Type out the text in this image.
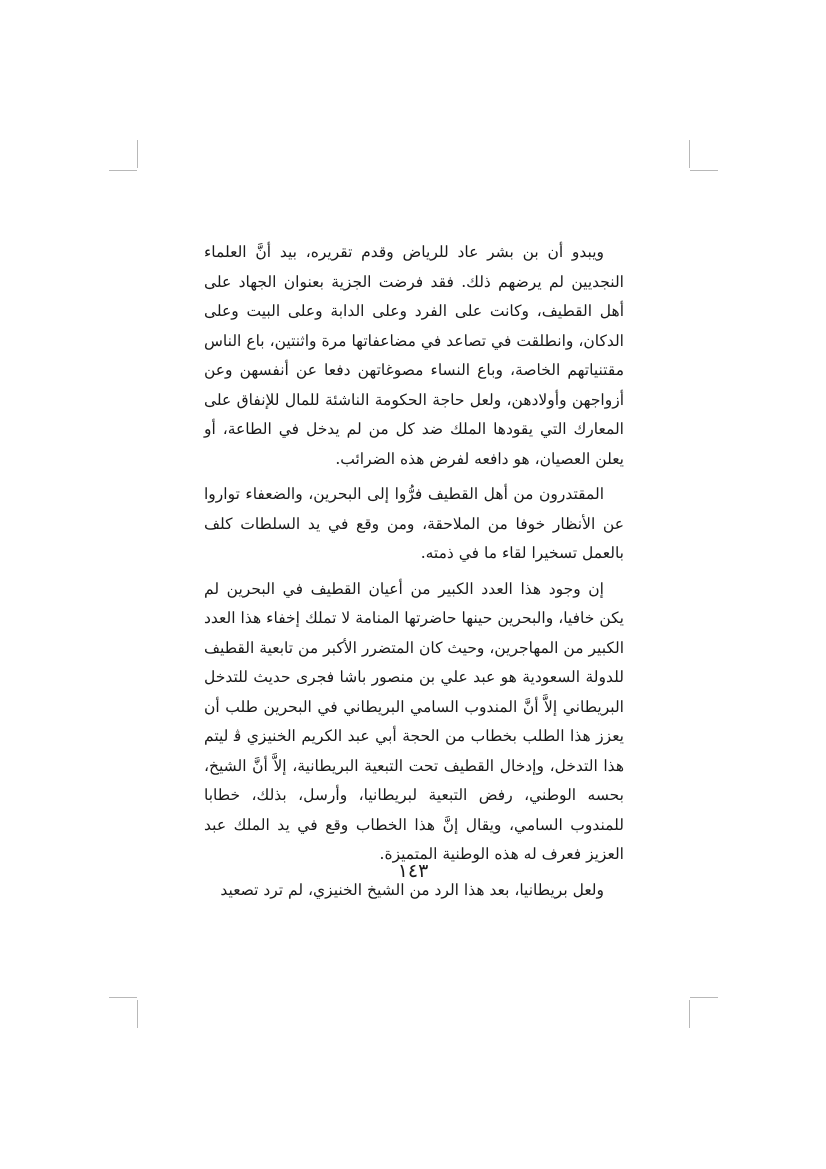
ويبدو أن بن بشر عاد للرياض وقدم تقريره، بيد أنَّ العلماء النجديين لم يرضهم ذلك. فقد فرضت الجزية بعنوان الجهاد على أهل القطيف، وكانت على الفرد وعلى الدابة وعلى البيت وعلى الدكان، وانطلقت في تصاعد في مضاعفاتها مرة واثنتين، باع الناس مقتنياتهم الخاصة، وباع النساء مصوغاتهن دفعا عن أنفسهن وعن أزواجهن وأولادهن، ولعل حاجة الحكومة الناشئة للمال للإنفاق على المعارك التي يقودها الملك ضد كل من لم يدخل في الطاعة، أو يعلن العصيان، هو دافعه لفرض هذه الضرائب.

المقتدرون من أهل القطيف فرُّوا إلى البحرين، والضعفاء تواروا عن الأنظار خوفا من الملاحقة، ومن وقع في يد السلطات كلف بالعمل تسخيرا لقاء ما في ذمته.

إن وجود هذا العدد الكبير من أعيان القطيف في البحرين لم يكن خافيا، والبحرين حينها حاضرتها المنامة لا تملك إخفاء هذا العدد الكبير من المهاجرين، وحيث كان المتضرر الأكبر من تابعية القطيف للدولة السعودية هو عبد علي بن منصور باشا فجرى حديث للتدخل البريطاني إلاَّ أنَّ المندوب السامي البريطاني في البحرين طلب أن يعزز هذا الطلب بخطاب من الحجة أبي عبد الكريم الخنيزي ﭬ ليتم هذا التدخل، وإدخال القطيف تحت التبعية البريطانية، إلاَّ أنَّ الشيخ، بحسه الوطني، رفض التبعية لبريطانيا، وأرسل، بذلك، خطابا للمندوب السامي، ويقال إنَّ هذا الخطاب وقع في يد الملك عبد العزيز فعرف له هذه الوطنية المتميزة.

ولعل بريطانيا، بعد هذا الرد من الشيخ الخنيزي، لم ترد تصعيد

١٤٣
